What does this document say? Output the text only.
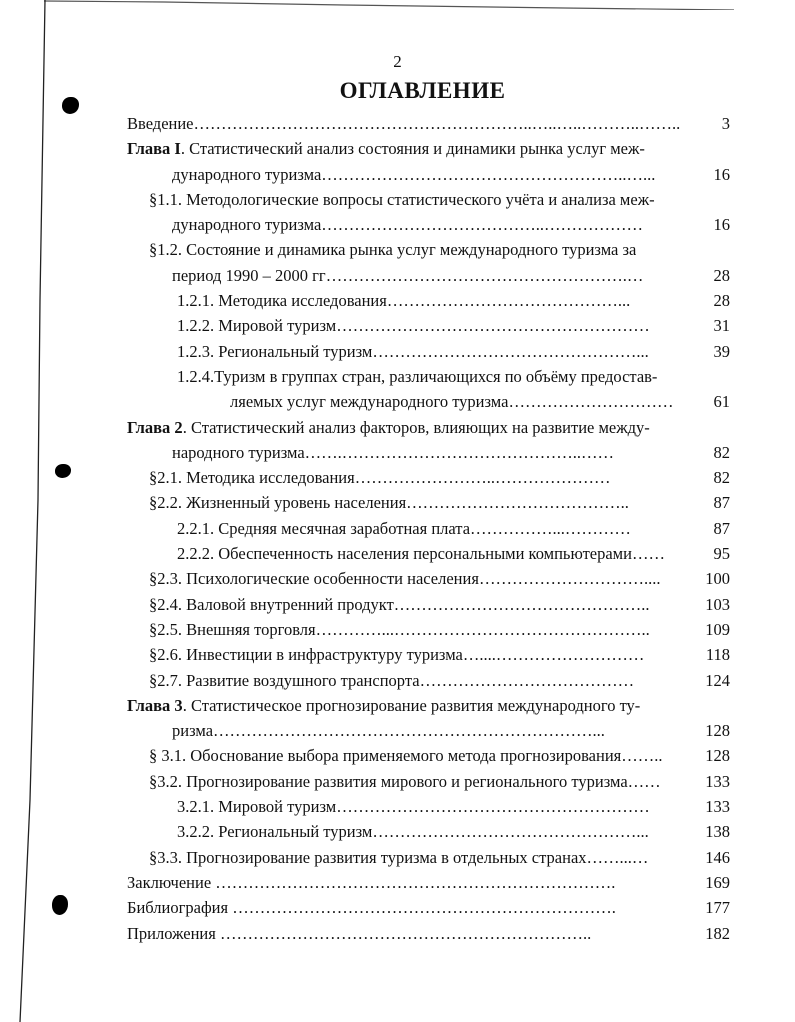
2
ОГЛАВЛЕНИЕ
Введение……………………………………………………..…..…..………..……..	3
Глава I. Статистический анализ состояния и динамики рынка услуг меж-
дународного туризма………………………………………………..…...	16
§1.1. Методологические вопросы статистического учёта и анализа меж-
дународного туризма…………………………………..………………	16
§1.2. Состояние и динамика рынка услуг международного туризма за
период 1990 – 2000 гг……………………………………………….…	28
1.2.1. Методика исследования……………………………………...	28
1.2.2. Мировой туризм…………………………………………………	31
1.2.3. Региональный туризм…………………………………………...	39
1.2.4.Туризм в группах стран, различающихся по объёму предостав-
ляемых услуг международного туризма………………………… 61
Глава 2. Статистический анализ факторов, влияющих на развитие между-
народного туризма…….……………………………………..……	82
§2.1. Методика исследования……………………..…………………	82
§2.2. Жизненный уровень населения…………………………………..	87
2.2.1. Средняя месячная заработная плата……………...…………	87
2.2.2. Обеспеченность населения персональными компьютерами……	95
§2.3. Психологические особенности населения…………………………....	100
§2.4. Валовой внутренний продукт………………………………………..	103
§2.5. Внешняя торговля…………...………………………………………..	109
§2.6. Инвестиции в инфраструктуру туризма…....………………………	118
§2.7. Развитие воздушного транспорта…………………………………	124
Глава 3. Статистическое прогнозирование развития международного ту-
ризма……………………………………………………………...	128
§ 3.1. Обоснование выбора применяемого метода прогнозирования……..	128
§3.2. Прогнозирование развития мирового и регионального туризма……	133
3.2.1. Мировой туризм…………………………………………………	133
3.2.2. Региональный туризм…………………………………………...	138
§3.3. Прогнозирование развития туризма в отдельных странах……...…	146
Заключение ……………………………………………………………….	169
Библиография …………………………………………………………….	177
Приложения …………………………………………………………..	182
